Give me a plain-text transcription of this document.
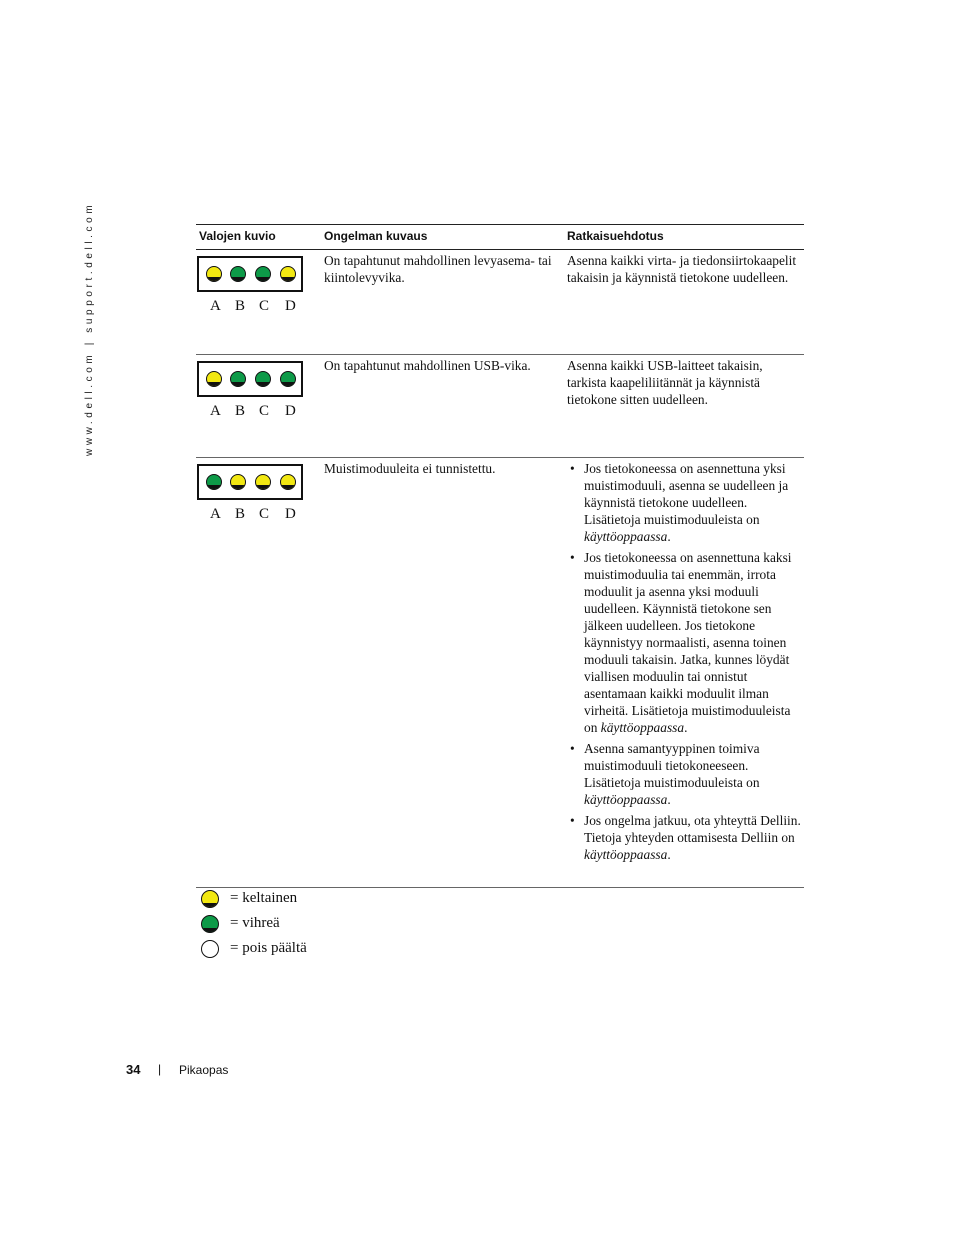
www.dell.com | support.dell.com	Valojen kuvio	Ongelman kuvaus	Ratkaisuehdotus
A B C D
On tapahtunut mahdollinen levyasema- tai kiintolevyvika.
Asenna kaikki virta- ja tiedonsiirtokaapelit takaisin ja käynnistä tietokone uudelleen.
A B C D
On tapahtunut mahdollinen USB-vika.	Asenna kaikki USB-laitteet takaisin, tarkista kaapeliliitännät ja käynnistä tietokone sitten uudelleen.
A B C D
Muistimoduuleita ei tunnistettu.
•	Jos tietokoneessa on asennettuna yksi muistimoduuli, asenna se uudelleen ja käynnistä tietokone uudelleen. Lisätietoja muistimoduuleista on käyttöoppaassa.
• Jos tietokoneessa on asennettuna kaksi muistimoduulia tai enemmän, irrota moduulit ja asenna yksi moduuli uudelleen. Käynnistä tietokone sen jälkeen uudelleen. Jos tietokone käynnistyy normaalisti, asenna toinen moduuli takaisin. Jatka, kunnes löydät viallisen moduulin tai onnistut asentamaan kaikki moduulit ilman virheitä. Lisätietoja muistimoduuleista on käyttöoppaassa.
• Asenna samantyyppinen toimiva muistimoduuli tietokoneeseen. Lisätietoja muistimoduuleista on käyttöoppaassa.
• Jos ongelma jatkuu, ota yhteyttä Delliin. Tietoja yhteyden ottamisesta Delliin on käyttöoppaassa.
= keltainen
= vihreä
= pois päältä
34 | Pikaopas
